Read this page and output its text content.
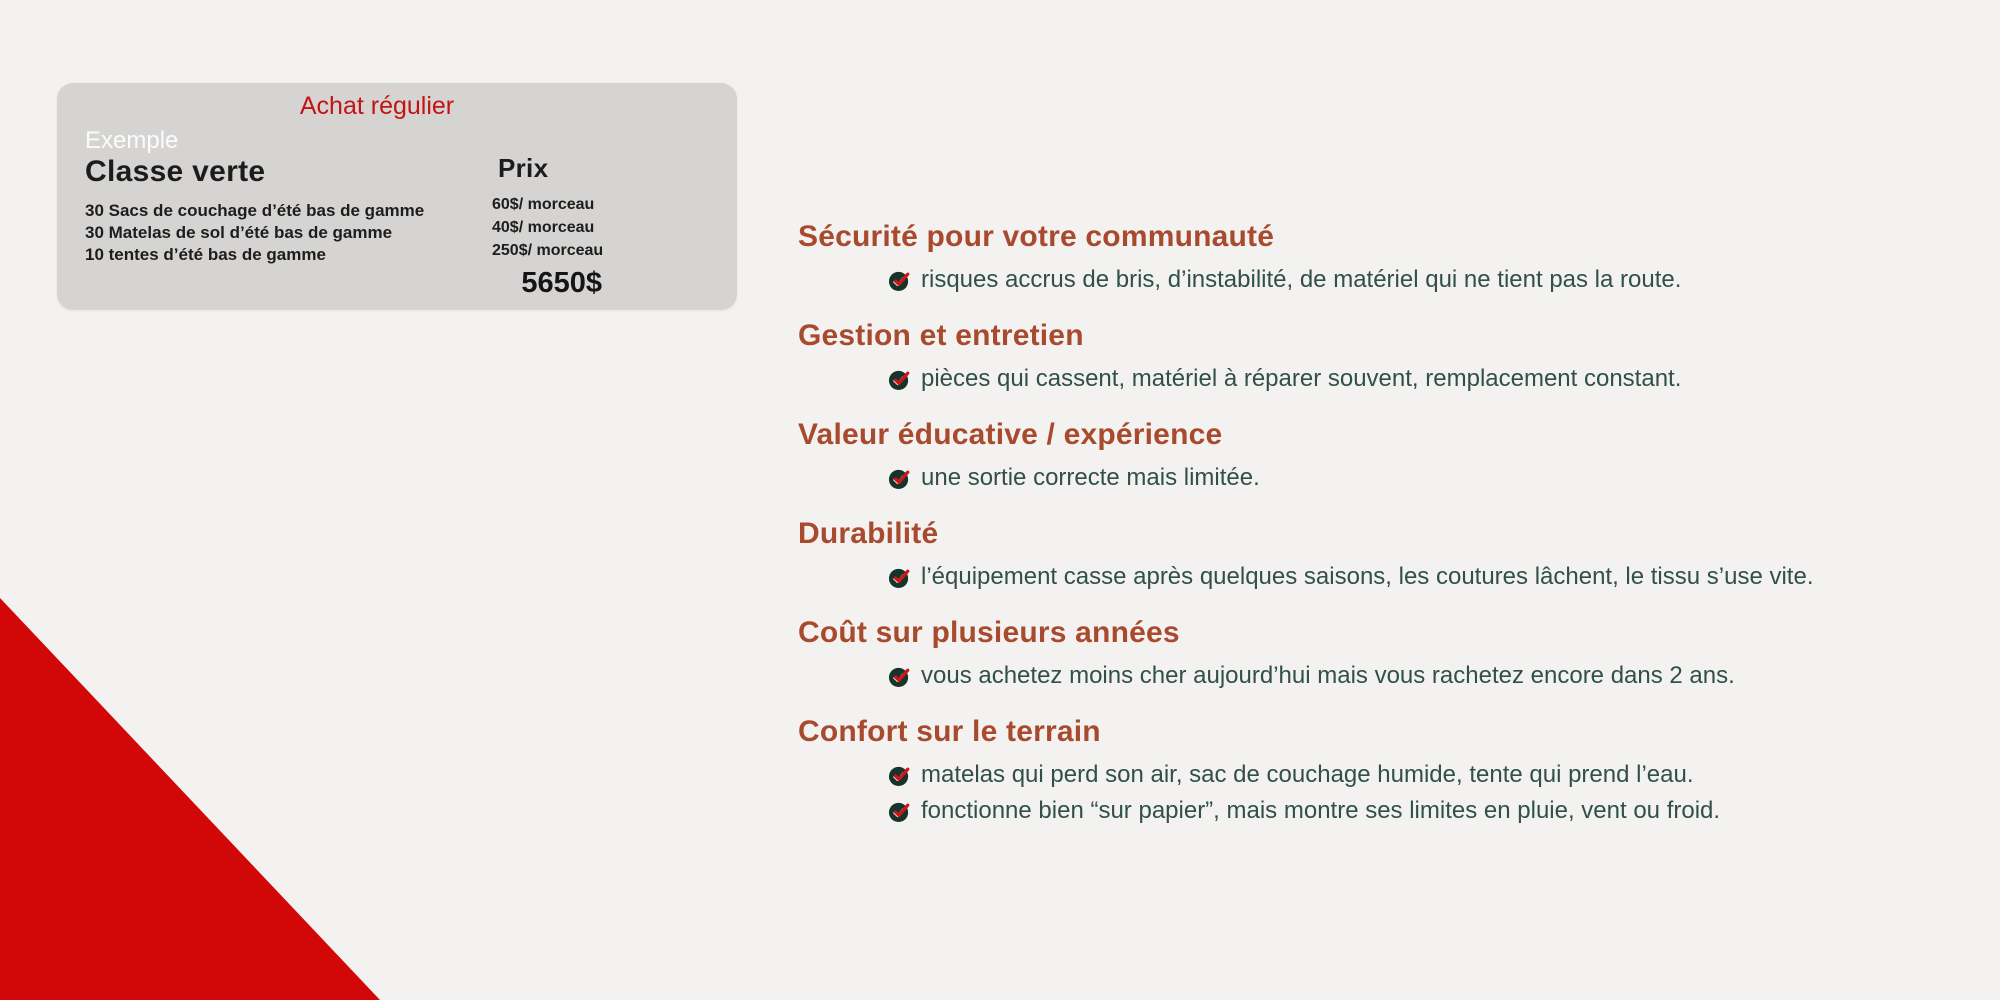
Achat régulier
Exemple
Classe verte
30 Sacs de couchage d’été bas de gamme
30 Matelas de sol d’été bas de gamme
10 tentes d’été bas de gamme
Prix
60$/ morceau
40$/ morceau
250$/ morceau
5650$
Sécurité pour votre communauté
risques accrus de bris, d’instabilité, de matériel qui ne tient pas la route.
Gestion et entretien
pièces qui cassent, matériel à réparer souvent, remplacement constant.
Valeur éducative / expérience
une sortie correcte mais limitée.
Durabilité
l’équipement casse après quelques saisons, les coutures lâchent, le tissu s’use vite.
Coût sur plusieurs années
vous achetez moins cher aujourd’hui mais vous rachetez encore dans 2 ans.
Confort sur le terrain
matelas qui perd son air, sac de couchage humide, tente qui prend l’eau.
fonctionne bien “sur papier”, mais montre ses limites en pluie, vent ou froid.
